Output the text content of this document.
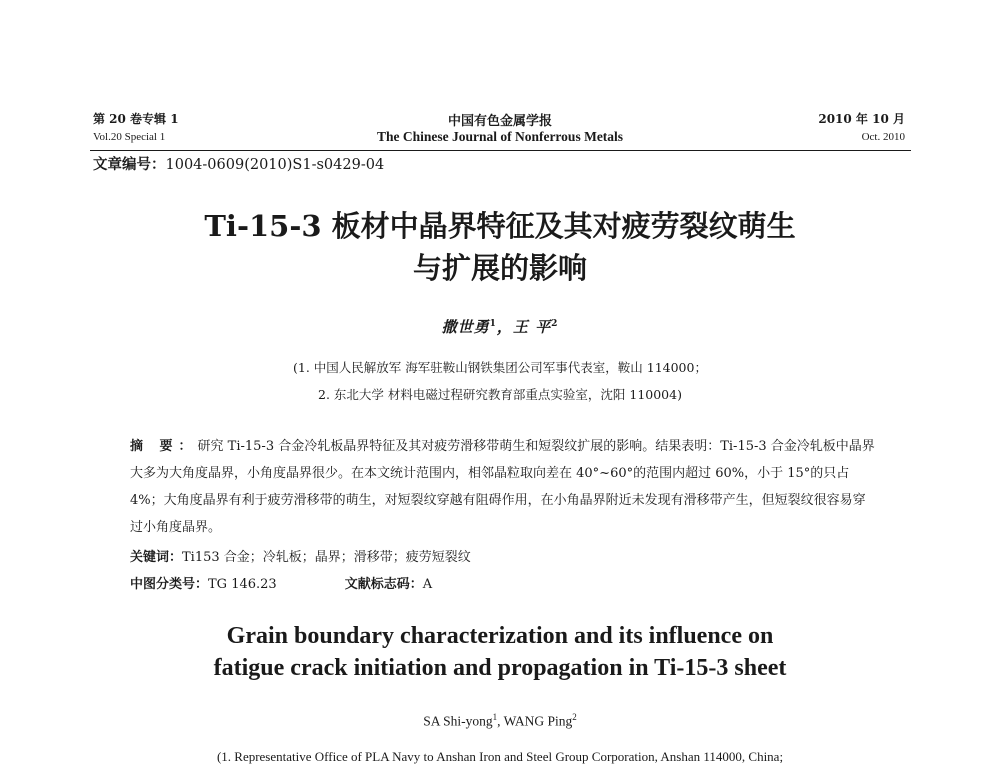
第 20 卷专辑 1
Vol.20 Special 1
中国有色金属学报
The Chinese Journal of Nonferrous Metals
2010 年 10 月
Oct. 2010
文章编号：1004-0609(2010)S1-s0429-04
Ti-15-3 板材中晶界特征及其对疲劳裂纹萌生
与扩展的影响
撒世勇$^1$，王 平$^2$
(1. 中国人民解放军 海军驻鞍山钢铁集团公司军事代表室，鞍山 114000；
2. 东北大学 材料电磁过程研究教育部重点实验室，沈阳 110004)

摘 要：研究 Ti-15-3 合金冷轧板晶界特征及其对疲劳滑移带萌生和短裂纹扩展的影响。结果表明：Ti-15-3 合金冷轧板中晶界大多为大角度晶界，小角度晶界很少。在本文统计范围内，相邻晶粒取向差在 40°~60°的范围内超过 60%，小于 15°的只占 4%；大角度晶界有利于疲劳滑移带的萌生，对短裂纹穿越有阻碍作用，在小角晶界附近未发现有滑移带产生，但短裂纹很容易穿过小角度晶界。

关键词：Ti153 合金；冷轧板；晶界；滑移带；疲劳短裂纹
中图分类号：TG 146.23	文献标志码：A
Grain boundary characterization and its influence on
fatigue crack initiation and propagation in Ti-15-3 sheet
SA Shi-yong$^1$, WANG Ping$^2$
(1. Representative Office of PLA Navy to Anshan Iron and Steel Group Corporation, Anshan 114000, China;
